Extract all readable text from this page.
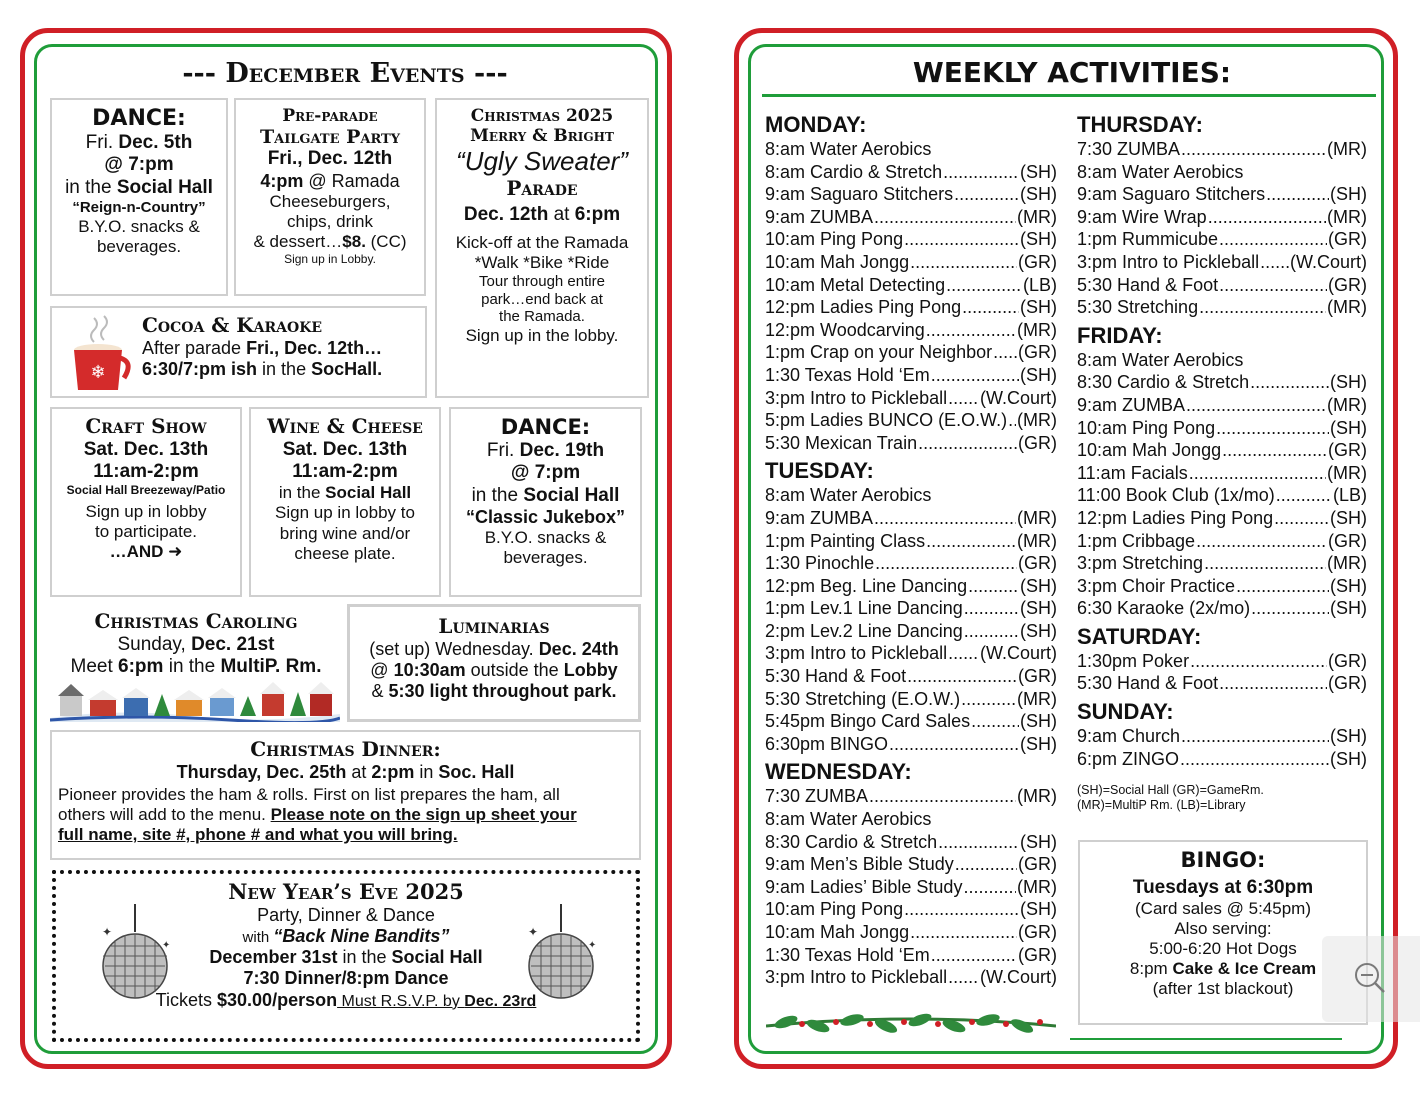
--- December Events ---
DANCE:
Fri. Dec. 5th
@ 7:pm
in the Social Hall
“Reign-n-Country”
B.Y.O. snacks &
beverages.
Pre-parade
Tailgate Party
Fri., Dec. 12th
4:pm @ Ramada
Cheeseburgers,
chips, drink
& dessert…$8. (CC)
Sign up in Lobby.
Christmas 2025
Merry & Bright
“Ugly Sweater”
Parade
Dec. 12th at 6:pm
Kick-off at the Ramada
*Walk *Bike *Ride
Tour through entire
park…end back at
the Ramada.
Sign up in the lobby.
❄
Cocoa & Karaoke
After parade Fri., Dec. 12th…
6:30/7:pm ish in the SocHall.
Craft Show
Sat. Dec. 13th
11:am-2:pm
Social Hall Breezeway/Patio
Sign up in lobby
to participate.
…AND ➜
Wine & Cheese
Sat. Dec. 13th
11:am-2:pm
in the Social Hall
Sign up in lobby to
bring wine and/or
cheese plate.
DANCE:
Fri. Dec. 19th
@ 7:pm
in the Social Hall
“Classic Jukebox”
B.Y.O. snacks &
beverages.
Christmas Caroling
Sunday, Dec. 21st
Meet 6:pm in the MultiP. Rm.
Luminarias
(set up) Wednesday. Dec. 24th
@ 10:30am outside the Lobby
& 5:30 light throughout park.
Christmas Dinner:
Thursday, Dec. 25th at 2:pm in Soc. Hall
Pioneer provides the ham & rolls. First on list prepares the ham, all
others will add to the menu. Please note on the sign up sheet your
full name, site #, phone # and what you will bring.
New Year’s Eve 2025
Party, Dinner & Dance
with “Back Nine Bandits”
December 31st in the Social Hall
7:30 Dinner/8:pm Dance
Tickets $30.00/person Must R.S.V.P. by Dec. 23rd
✦
✦
✦
✦
WEEKLY ACTIVITIES:
MONDAY:
8:am Water Aerobics
8:am Cardio & Stretch .....	(SH)
9:am Saguaro Stitchers .....	(SH)
9:am ZUMBA .....	(MR)
10:am Ping Pong .....	(SH)
10:am Mah Jongg .....	(GR)
10:am Metal Detecting .....	(LB)
12:pm Ladies Ping Pong .....	(SH)
12:pm Woodcarving .....	(MR)
1:pm Crap on your Neighbor ..... (GR)
1:30 Texas Hold ‘Em .....	(SH)
3:pm Intro to Pickleball ..... (W.Court)
5:pm Ladies BUNCO (E.O.W.) ..... (MR)
5:30 Mexican Train .....	(GR)
TUESDAY:
8:am Water Aerobics
9:am ZUMBA .....	(MR)
1:pm Painting Class .....	(MR)
1:30 Pinochle .....	(GR)
12:pm Beg. Line Dancing .....	(SH)
1:pm Lev.1 Line Dancing .....	(SH)
2:pm Lev.2 Line Dancing .....	(SH)
3:pm Intro to Pickleball ..... (W.Court)
5:30 Hand & Foot .....	(GR)
5:30 Stretching (E.O.W.) .....	(MR)
5:45pm Bingo Card Sales .....	(SH)
6:30pm BINGO .....	(SH)
WEDNESDAY:
7:30 ZUMBA .....	(MR)
8:am Water Aerobics
8:30 Cardio & Stretch .....	(SH)
9:am Men’s Bible Study .....	(GR)
9:am Ladies’ Bible Study .....	(MR)
10:am Ping Pong .....	(SH)
10:am Mah Jongg .....	(GR)
1:30 Texas Hold ‘Em .....	(GR)
3:pm Intro to Pickleball ..... (W.Court)
THURSDAY:
7:30 ZUMBA .....	(MR)
8:am Water Aerobics
9:am Saguaro Stitchers .....	(SH)
9:am Wire Wrap .....	(MR)
1:pm Rummicube .....	(GR)
3:pm Intro to Pickleball ..... (W.Court)
5:30 Hand & Foot .....	(GR)
5:30 Stretching .....	(MR)
FRIDAY:
8:am Water Aerobics
8:30 Cardio & Stretch .....	(SH)
9:am ZUMBA .....	(MR)
10:am Ping Pong .....	(SH)
10:am Mah Jongg .....	(GR)
11:am Facials .....	(MR)
11:00 Book Club (1x/mo) .....	(LB)
12:pm Ladies Ping Pong .....	(SH)
1:pm Cribbage .....	(GR)
3:pm Stretching .....	(MR)
3:pm Choir Practice .....	(SH)
6:30 Karaoke (2x/mo) .....	(SH)
SATURDAY:
1:30pm Poker .....	(GR)
5:30 Hand & Foot .....	(GR)
SUNDAY:
9:am Church .....	(SH)
6:pm ZINGO .....	(SH)
(SH)=Social Hall (GR)=GameRm.
(MR)=MultiP Rm. (LB)=Library
BINGO:
Tuesdays at 6:30pm
(Card sales @ 5:45pm)
Also serving:
5:00-6:20 Hot Dogs
8:pm Cake & Ice Cream
(after 1st blackout)
